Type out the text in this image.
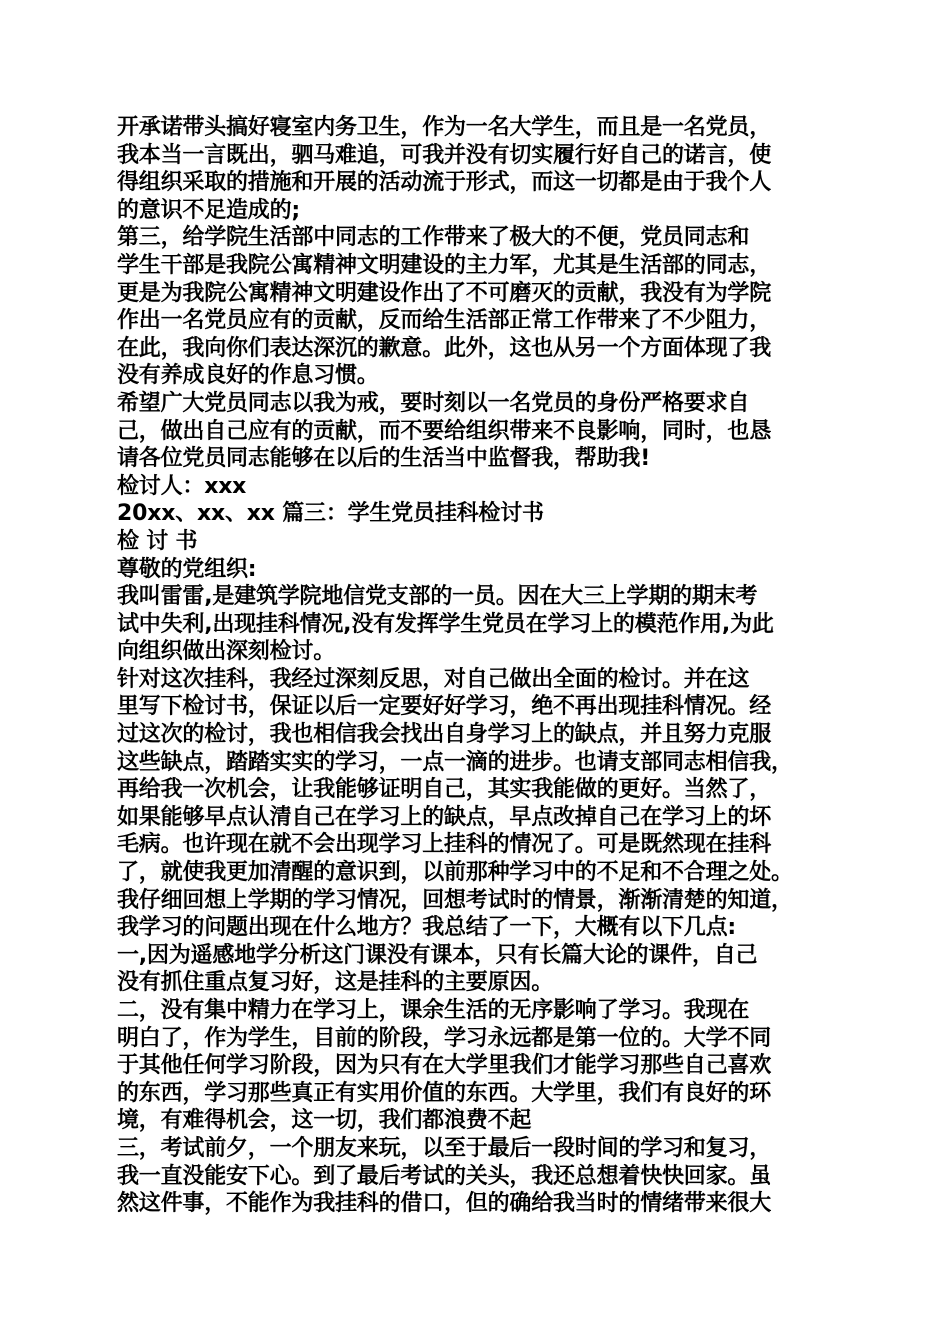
开承诺带头搞好寝室内务卫生，作为一名大学生，而且是一名党员，
我本当一言既出，驷马难追，可我并没有切实履行好自己的诺言，使
得组织采取的措施和开展的活动流于形式，而这一切都是由于我个人
的意识不足造成的;
第三，给学院生活部中同志的工作带来了极大的不便，党员同志和
学生干部是我院公寓精神文明建设的主力军，尤其是生活部的同志，
更是为我院公寓精神文明建设作出了不可磨灭的贡献，我没有为学院
作出一名党员应有的贡献，反而给生活部正常工作带来了不少阻力，
在此，我向你们表达深沉的歉意。此外，这也从另一个方面体现了我
没有养成良好的作息习惯。
希望广大党员同志以我为戒，要时刻以一名党员的身份严格要求自
己，做出自己应有的贡献，而不要给组织带来不良影响，同时，也恳
请各位党员同志能够在以后的生活当中监督我，帮助我!
检讨人：xxx
20xx、xx、xx 篇三：学生党员挂科检讨书
检 讨 书
尊敬的党组织:
我叫雷雷,是建筑学院地信党支部的一员。因在大三上学期的期末考
试中失利,出现挂科情况,没有发挥学生党员在学习上的模范作用,为此
向组织做出深刻检讨。
针对这次挂科，我经过深刻反思，对自己做出全面的检讨。并在这
里写下检讨书，保证以后一定要好好学习，绝不再出现挂科情况。经
过这次的检讨，我也相信我会找出自身学习上的缺点，并且努力克服
这些缺点，踏踏实实的学习，一点一滴的进步。也请支部同志相信我，
再给我一次机会，让我能够证明自己，其实我能做的更好。当然了，
如果能够早点认清自己在学习上的缺点，早点改掉自己在学习上的坏
毛病。也许现在就不会出现学习上挂科的情况了。可是既然现在挂科
了，就使我更加清醒的意识到，以前那种学习中的不足和不合理之处。
我仔细回想上学期的学习情况，回想考试时的情景，渐渐清楚的知道，
我学习的问题出现在什么地方？我总结了一下，大概有以下几点:
一,因为遥感地学分析这门课没有课本，只有长篇大论的课件，自己
没有抓住重点复习好，这是挂科的主要原因。
二，没有集中精力在学习上，课余生活的无序影响了学习。我现在
明白了，作为学生，目前的阶段，学习永远都是第一位的。大学不同
于其他任何学习阶段，因为只有在大学里我们才能学习那些自己喜欢
的东西，学习那些真正有实用价值的东西。大学里，我们有良好的环
境，有难得机会，这一切，我们都浪费不起
三，考试前夕，一个朋友来玩，以至于最后一段时间的学习和复习，
我一直没能安下心。到了最后考试的关头，我还总想着快快回家。虽
然这件事，不能作为我挂科的借口，但的确给我当时的情绪带来很大
